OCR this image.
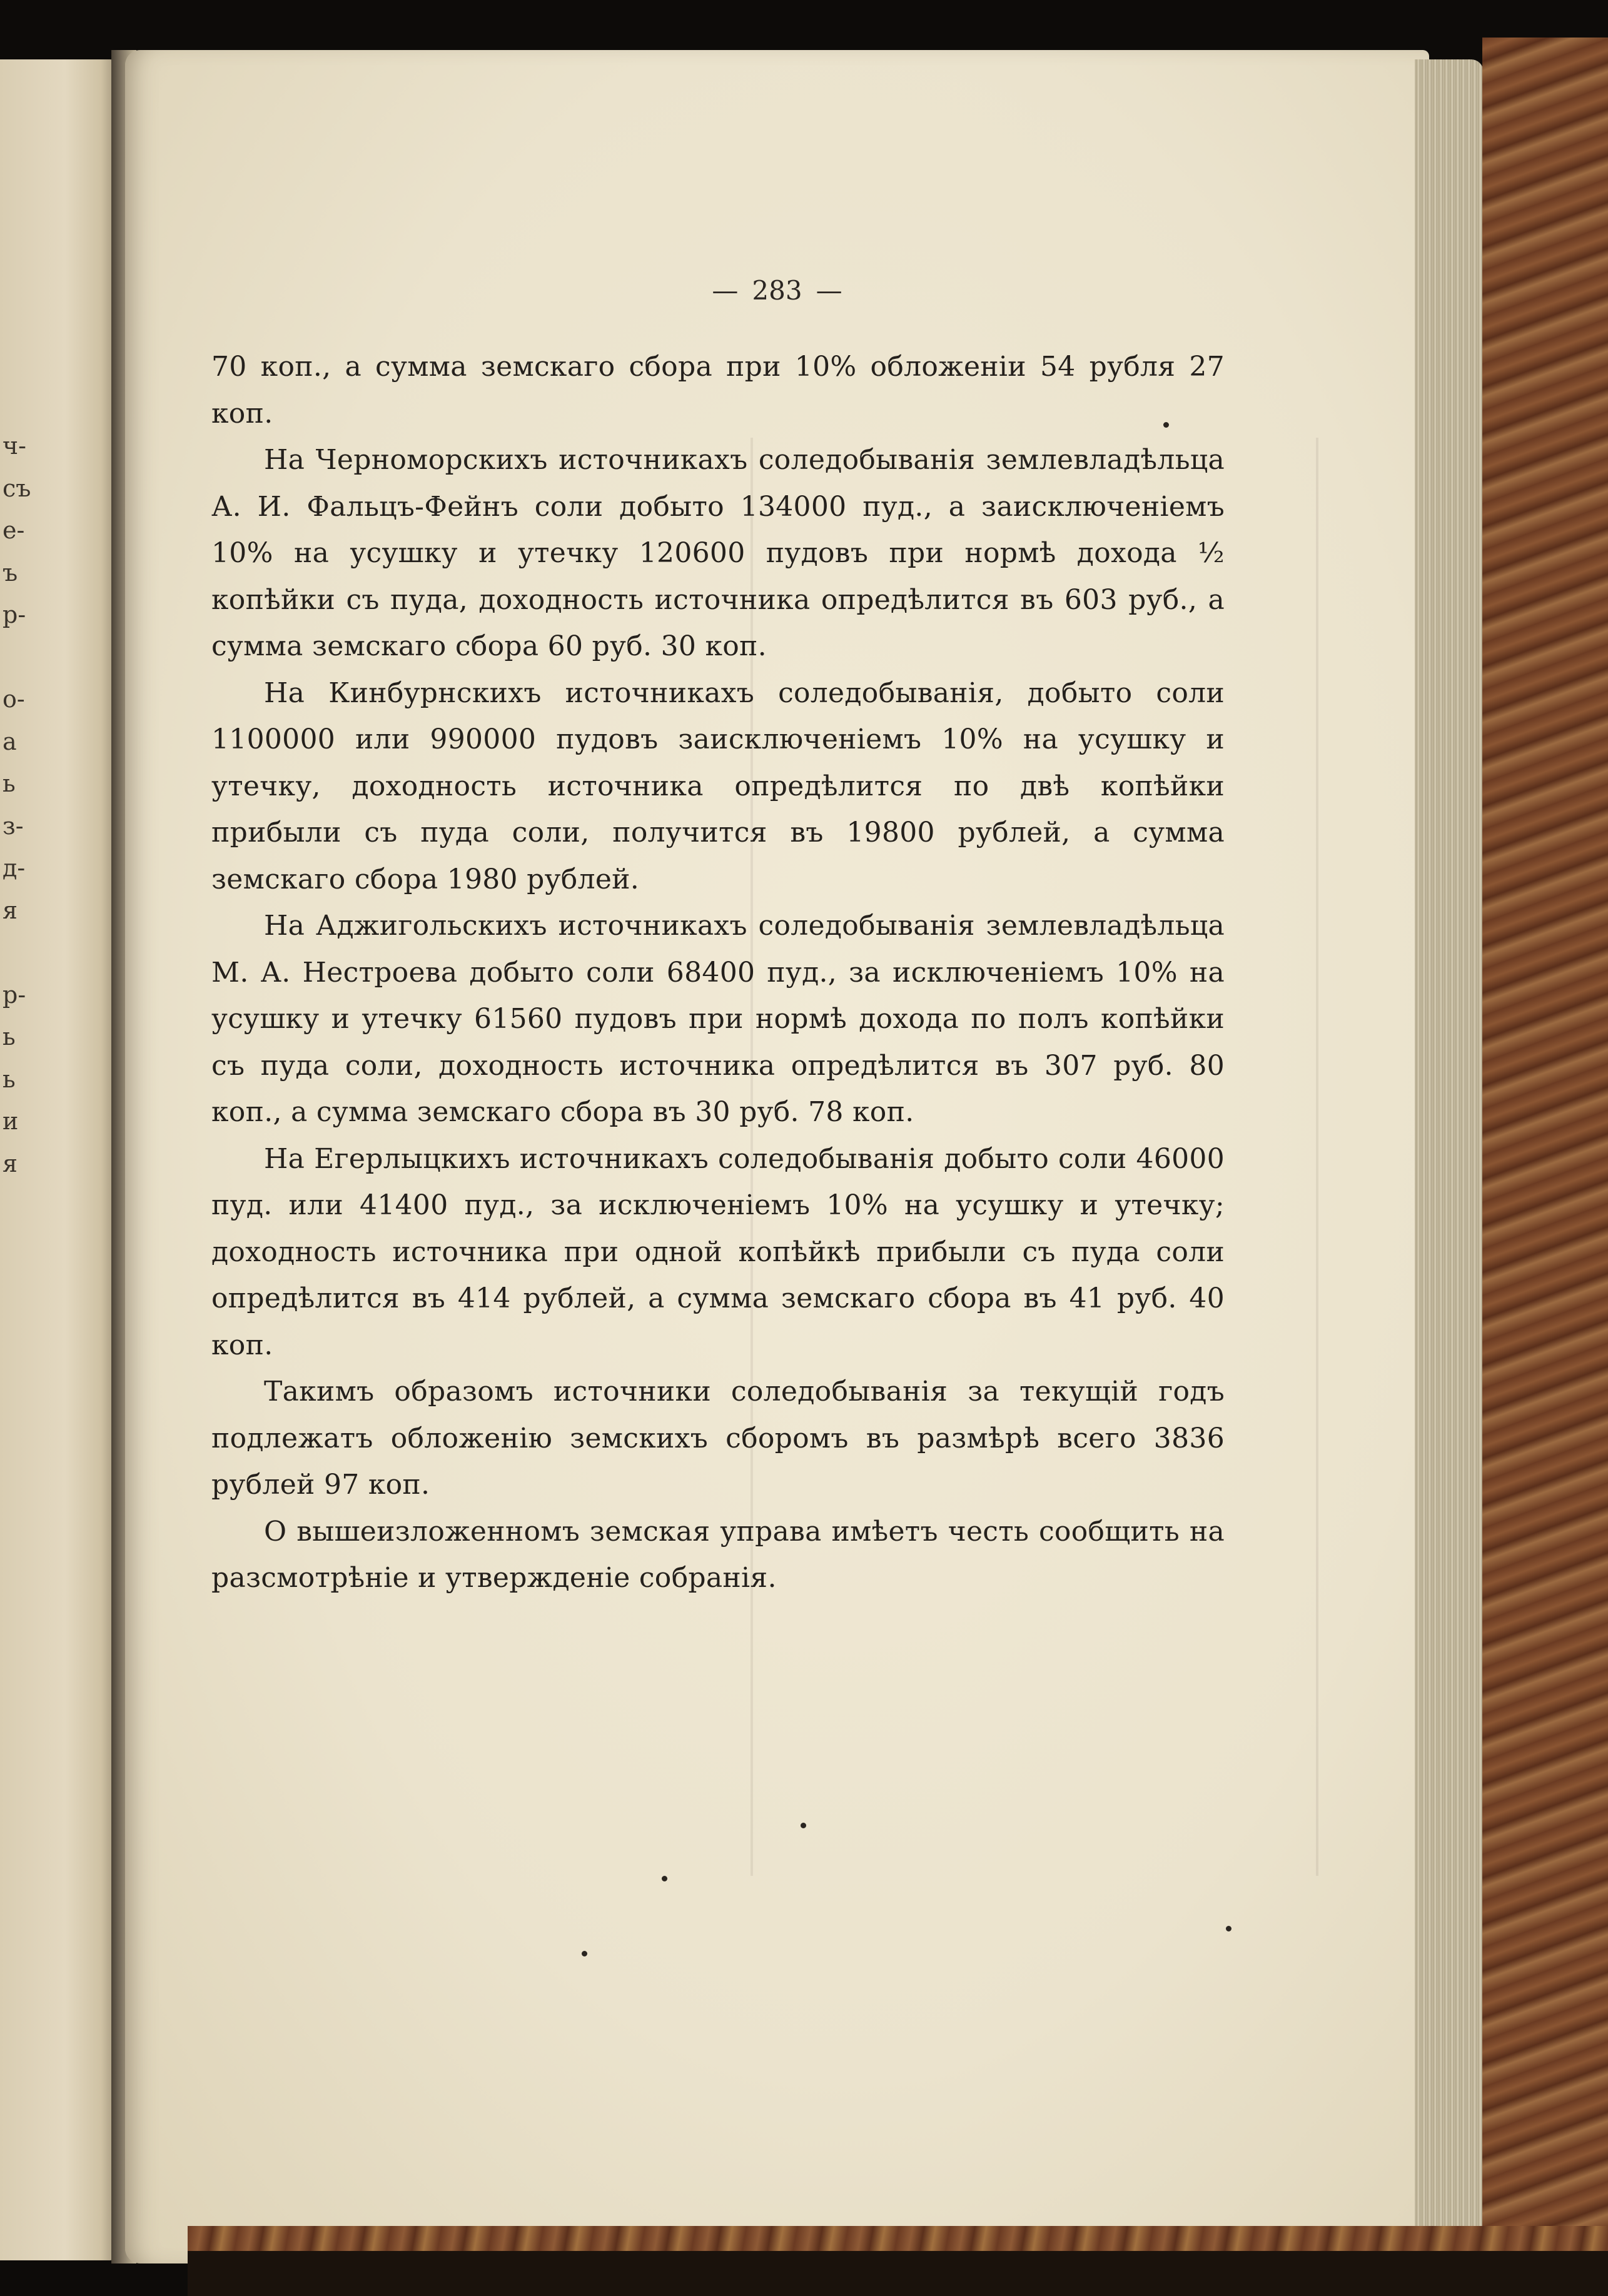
ч-
съ
е-
ъ
р-
о-
а
ь
з-
д-
я
р-
ь
ь
и
я
— 283 —

70 коп., а сумма земскаго сбора при 10% обложеніи 54 рубля 27 коп.

На Черноморскихъ источникахъ соледобыванія землевладѣльца А. И. Фальцъ-Фейнъ соли добыто 134000 пуд., а заисключеніемъ 10% на усушку и утечку 120600 пудовъ при нормѣ дохода ½ копѣйки съ пуда, доходность источника опредѣлится въ 603 руб., а сумма земскаго сбора 60 руб. 30 коп.

На Кинбурнскихъ источникахъ соледобыванія, добыто соли 1100000 или 990000 пудовъ заисключеніемъ 10% на усушку и утечку, доходность источника опредѣлится по двѣ копѣйки прибыли съ пуда соли, получится въ 19800 рублей, а сумма земскаго сбора 1980 рублей.

На Аджигольскихъ источникахъ соледобыванія землевладѣльца М. А. Нестроева добыто соли 68400 пуд., за исключеніемъ 10% на усушку и утечку 61560 пудовъ при нормѣ дохода по полъ копѣйки съ пуда соли, доходность источника опредѣлится въ 307 руб. 80 коп., а сумма земскаго сбора въ 30 руб. 78 коп.

На Егерлыцкихъ источникахъ соледобыванія добыто соли 46000 пуд. или 41400 пуд., за исключеніемъ 10% на усушку и утечку; доходность источника при одной копѣйкѣ прибыли съ пуда соли опредѣлится въ 414 рублей, а сумма земскаго сбора въ 41 руб. 40 коп.

Такимъ образомъ источники соледобыванія за текущій годъ подлежатъ обложенію земскихъ сборомъ въ размѣрѣ всего 3836 рублей 97 коп.

О вышеизложенномъ земская управа имѣетъ честь сообщить на разсмотрѣніе и утвержденіе собранія.
